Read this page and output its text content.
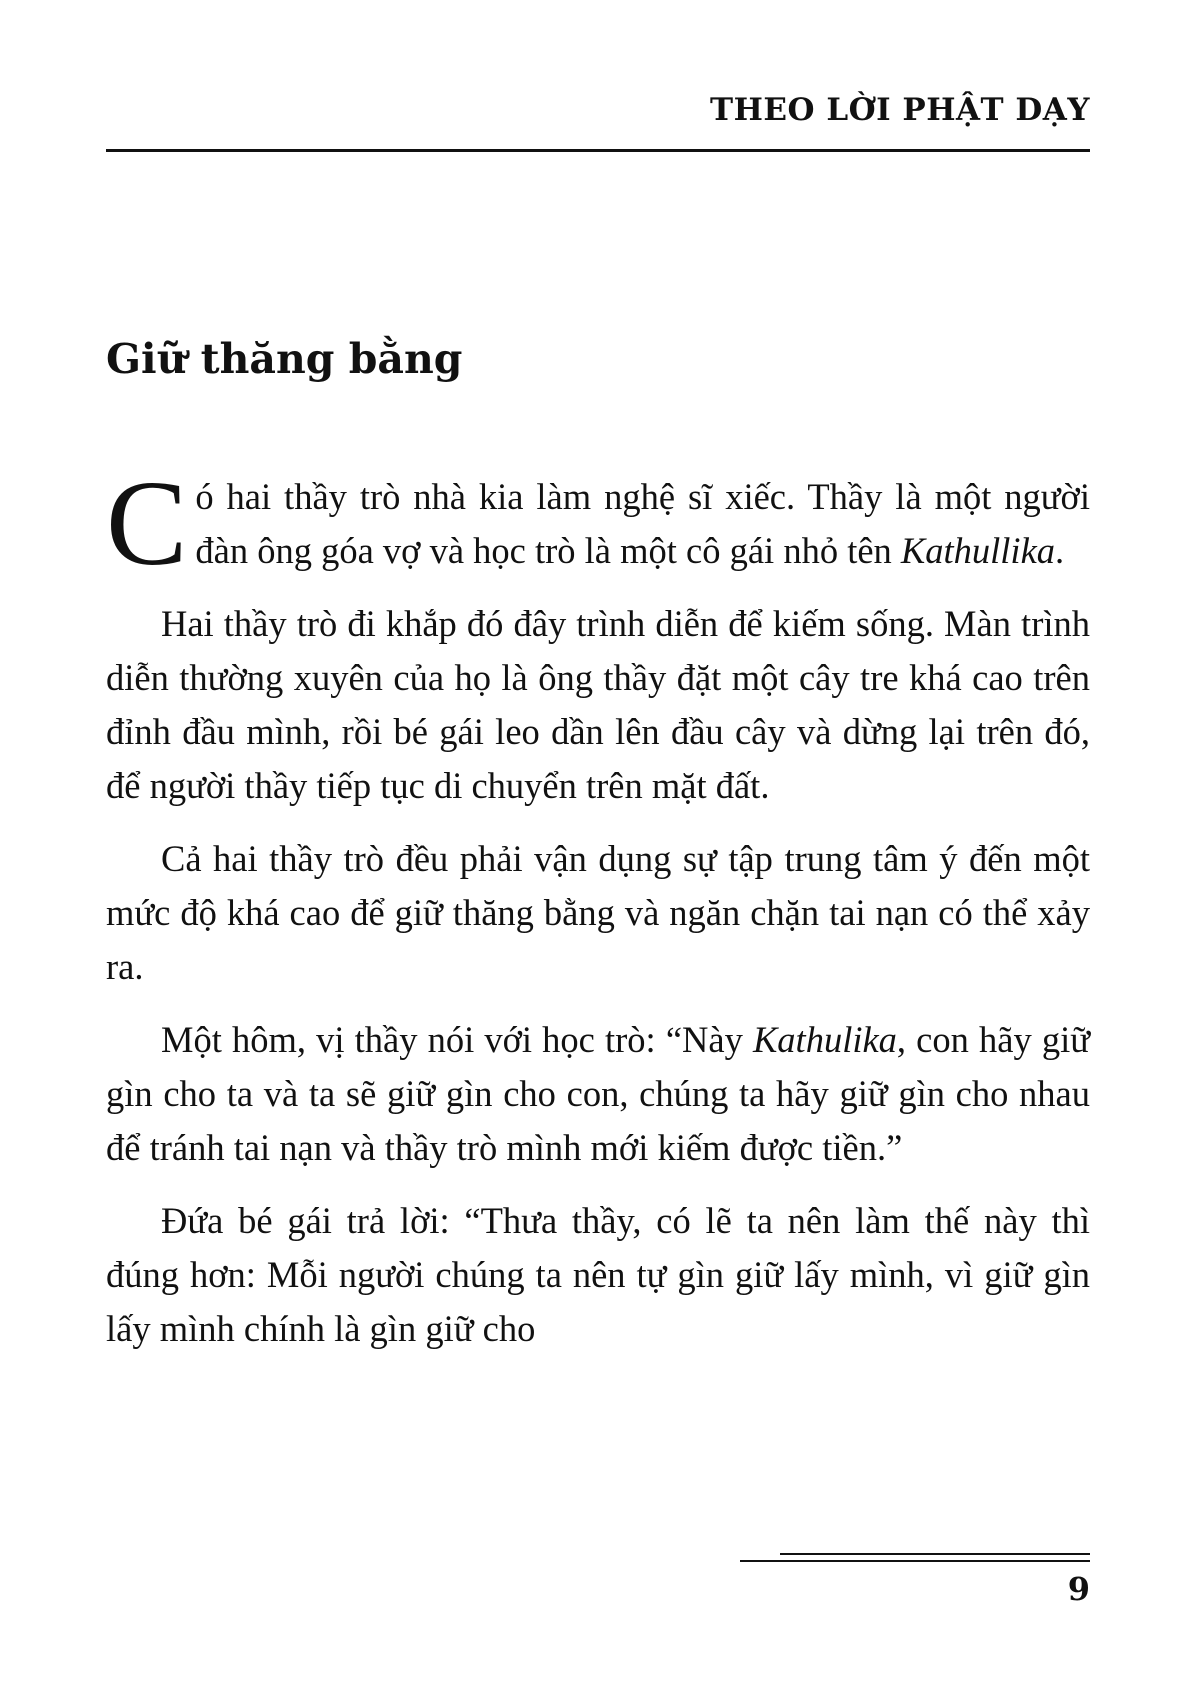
THEO LỜI PHẬT DẠY
Giữ thăng bằng

Có hai thầy trò nhà kia làm nghệ sĩ xiếc. Thầy là một người đàn ông góa vợ và học trò là một cô gái nhỏ tên Kathullika.

Hai thầy trò đi khắp đó đây trình diễn để kiếm sống. Màn trình diễn thường xuyên của họ là ông thầy đặt một cây tre khá cao trên đỉnh đầu mình, rồi bé gái leo dần lên đầu cây và dừng lại trên đó, để người thầy tiếp tục di chuyển trên mặt đất.

Cả hai thầy trò đều phải vận dụng sự tập trung tâm ý đến một mức độ khá cao để giữ thăng bằng và ngăn chặn tai nạn có thể xảy ra.

Một hôm, vị thầy nói với học trò: “Này Kathulika, con hãy giữ gìn cho ta và ta sẽ giữ gìn cho con, chúng ta hãy giữ gìn cho nhau để tránh tai nạn và thầy trò mình mới kiếm được tiền.”

Đứa bé gái trả lời: “Thưa thầy, có lẽ ta nên làm thế này thì đúng hơn: Mỗi người chúng ta nên tự gìn giữ lấy mình, vì giữ gìn lấy mình chính là gìn giữ cho

9
